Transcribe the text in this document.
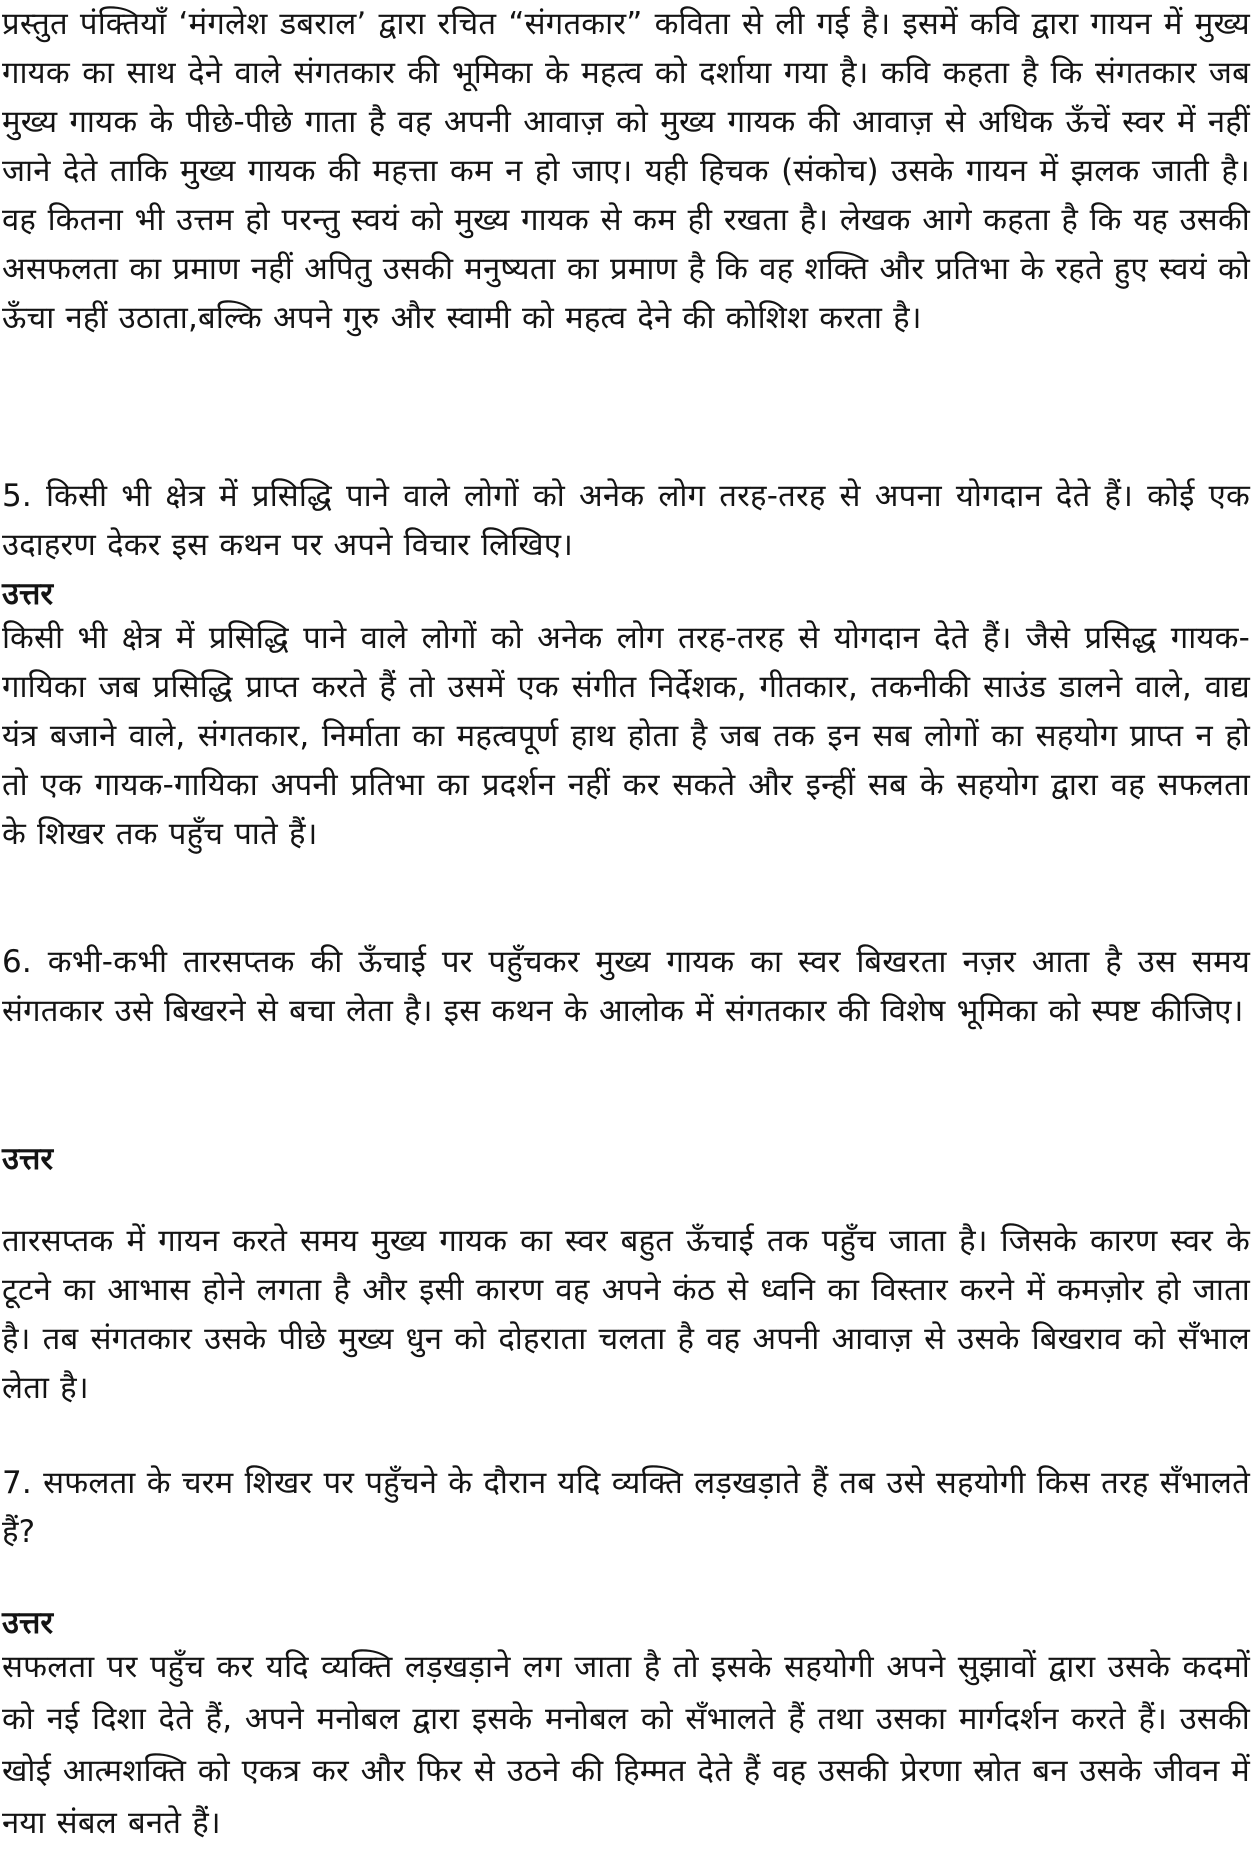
प्रस्तुत पंक्तियाँ ‘मंगलेश डबराल’ द्वारा रचित “संगतकार” कविता से ली गई है। इसमें कवि द्वारा गायन में मुख्य गायक का साथ देने वाले संगतकार की भूमिका के महत्व को दर्शाया गया है। कवि कहता है कि संगतकार जब मुख्य गायक के पीछे-पीछे गाता है वह अपनी आवाज़ को मुख्य गायक की आवाज़ से अधिक ऊँचें स्वर में नहीं जाने देते ताकि मुख्य गायक की महत्ता कम न हो जाए। यही हिचक (संकोच) उसके गायन में झलक जाती है। वह कितना भी उत्तम हो परन्तु स्वयं को मुख्य गायक से कम ही रखता है। लेखक आगे कहता है कि यह उसकी असफलता का प्रमाण नहीं अपितु उसकी मनुष्यता का प्रमाण है कि वह शक्ति और प्रतिभा के रहते हुए स्वयं को ऊँचा नहीं उठाता,बल्कि अपने गुरु और स्वामी को महत्व देने की कोशिश करता है।

5. किसी भी क्षेत्र में प्रसिद्धि पाने वाले लोगों को अनेक लोग तरह-तरह से अपना योगदान देते हैं। कोई एक उदाहरण देकर इस कथन पर अपने विचार लिखिए।

उत्तर

किसी भी क्षेत्र में प्रसिद्धि पाने वाले लोगों को अनेक लोग तरह-तरह से योगदान देते हैं। जैसे प्रसिद्ध गायक-गायिका जब प्रसिद्धि प्राप्त करते हैं तो उसमें एक संगीत निर्देशक, गीतकार, तकनीकी साउंड डालने वाले, वाद्य यंत्र बजाने वाले, संगतकार, निर्माता का महत्वपूर्ण हाथ होता है जब तक इन सब लोगों का सहयोग प्राप्त न हो तो एक गायक-गायिका अपनी प्रतिभा का प्रदर्शन नहीं कर सकते और इन्हीं सब के सहयोग द्वारा वह सफलता के शिखर तक पहुँच पाते हैं।

6. कभी-कभी तारसप्तक की ऊँचाई पर पहुँचकर मुख्य गायक का स्वर बिखरता नज़र आता है उस समय संगतकार उसे बिखरने से बचा लेता है। इस कथन के आलोक में संगतकार की विशेष भूमिका को स्पष्ट कीजिए।

उत्तर

तारसप्तक में गायन करते समय मुख्य गायक का स्वर बहुत ऊँचाई तक पहुँच जाता है। जिसके कारण स्वर के टूटने का आभास होने लगता है और इसी कारण वह अपने कंठ से ध्वनि का विस्तार करने में कमज़ोर हो जाता है। तब संगतकार उसके पीछे मुख्य धुन को दोहराता चलता है वह अपनी आवाज़ से उसके बिखराव को सँभाल लेता है।

7. सफलता के चरम शिखर पर पहुँचने के दौरान यदि व्यक्ति लड़खड़ाते हैं तब उसे सहयोगी किस तरह सँभालते हैं?

उत्तर

सफलता पर पहुँच कर यदि व्यक्ति लड़खड़ाने लग जाता है तो इसके सहयोगी अपने सुझावों द्वारा उसके कदमों को नई दिशा देते हैं, अपने मनोबल द्वारा इसके मनोबल को सँभालते हैं तथा उसका मार्गदर्शन करते हैं। उसकी खोई आत्मशक्ति को एकत्र कर और फिर से उठने की हिम्मत देते हैं वह उसकी प्रेरणा स्रोत बन उसके जीवन में नया संबल बनते हैं।
